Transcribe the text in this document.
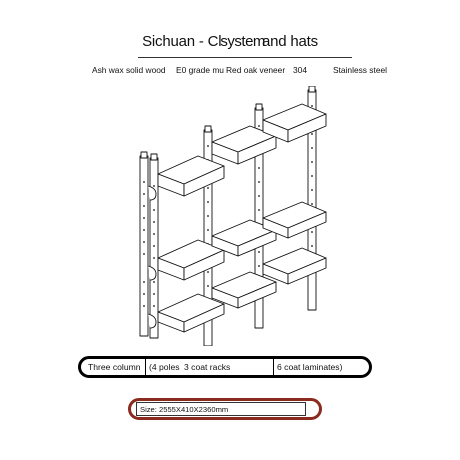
Sichuan - Clsystemand hats
Ash wax solid wood E0 grade mu Red oak veneer 304	Stainless steel
Three column (4 poles 3 coat racks	6 coat laminates)
Size: 2555X410X2360mm
